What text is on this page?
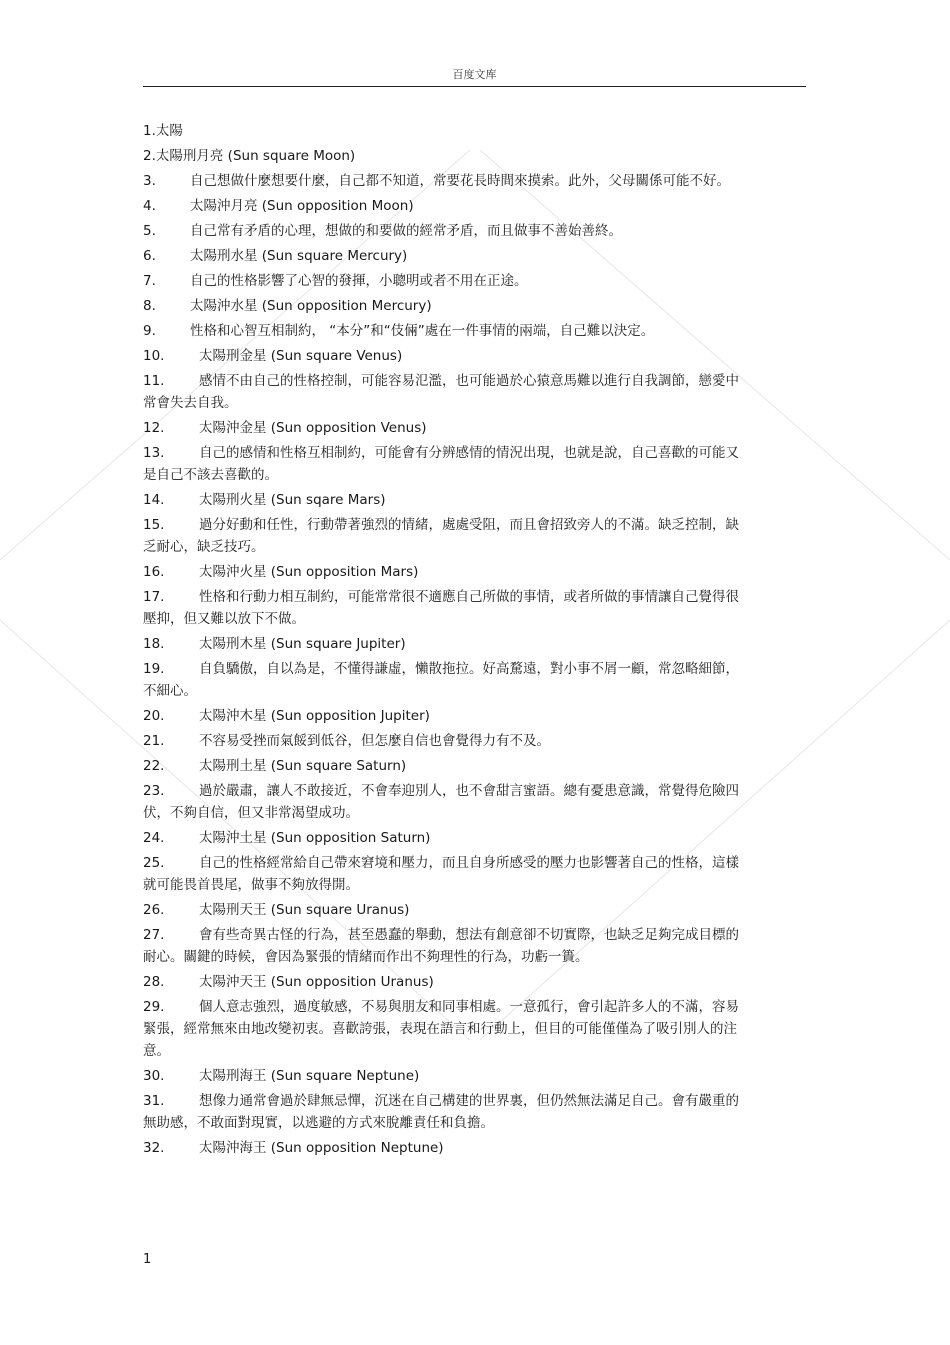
百度文库
1.太陽
2.太陽刑月亮 (Sun square Moon)
3.	自己想做什麼想要什麼，自己都不知道，常要花長時間來摸索。此外，父母關係可能不好。
4.	太陽沖月亮 (Sun opposition Moon)
5.	自己常有矛盾的心理，想做的和要做的經常矛盾，而且做事不善始善終。
6.	太陽刑水星 (Sun square Mercury)
7.	自己的性格影響了心智的發揮，小聰明或者不用在正途。
8.	太陽沖水星 (Sun opposition Mercury)
9.	性格和心智互相制約， “本分”和“伎倆”處在一件事情的兩端，自己難以決定。
10.	太陽刑金星 (Sun square Venus)
11.	感情不由自己的性格控制，可能容易氾濫，也可能過於心猿意馬難以進行自我調節，戀愛中常會失去自我。
12.	太陽沖金星 (Sun opposition Venus)
13.	自己的感情和性格互相制約，可能會有分辨感情的情況出現，也就是說，自己喜歡的可能又是自己不該去喜歡的。
14.	太陽刑火星 (Sun sqare Mars)
15.	過分好動和任性，行動帶著強烈的情緒，處處受阻，而且會招致旁人的不滿。缺乏控制，缺乏耐心，缺乏技巧。
16.	太陽沖火星 (Sun opposition Mars)
17.	性格和行動力相互制約，可能常常很不適應自己所做的事情，或者所做的事情讓自己覺得很壓抑，但又難以放下不做。
18.	太陽刑木星 (Sun square Jupiter)
19.	自負驕傲，自以為是，不懂得謙虛，懶散拖拉。好高騖遠，對小事不屑一顧，常忽略細節，不細心。
20.	太陽沖木星 (Sun opposition Jupiter)
21.	不容易受挫而氣餒到低谷，但怎麼自信也會覺得力有不及。
22.	太陽刑土星 (Sun square Saturn)
23.	過於嚴肅，讓人不敢接近，不會奉迎別人，也不會甜言蜜語。總有憂患意識，常覺得危險四伏，不夠自信，但又非常渴望成功。
24.	太陽沖土星 (Sun opposition Saturn)
25.	自己的性格經常給自己帶來窘境和壓力，而且自身所感受的壓力也影響著自己的性格，這樣就可能畏首畏尾，做事不夠放得開。
26.	太陽刑天王 (Sun square Uranus)
27.	會有些奇異古怪的行為，甚至愚蠢的舉動，想法有創意卻不切實際，也缺乏足夠完成目標的耐心。關鍵的時候，會因為緊張的情緒而作出不夠理性的行為，功虧一簣。
28.	太陽沖天王 (Sun opposition Uranus)
29.	個人意志強烈，過度敏感，不易與朋友和同事相處。一意孤行，會引起許多人的不滿，容易緊張，經常無來由地改變初衷。喜歡誇張，表現在語言和行動上，但目的可能僅僅為了吸引別人的注意。
30.	太陽刑海王 (Sun square Neptune)
31.	想像力通常會過於肆無忌憚，沉迷在自己構建的世界裏，但仍然無法滿足自己。會有嚴重的無助感，不敢面對現實，以逃避的方式來脫離責任和負擔。
32.	太陽沖海王 (Sun opposition Neptune)
1
